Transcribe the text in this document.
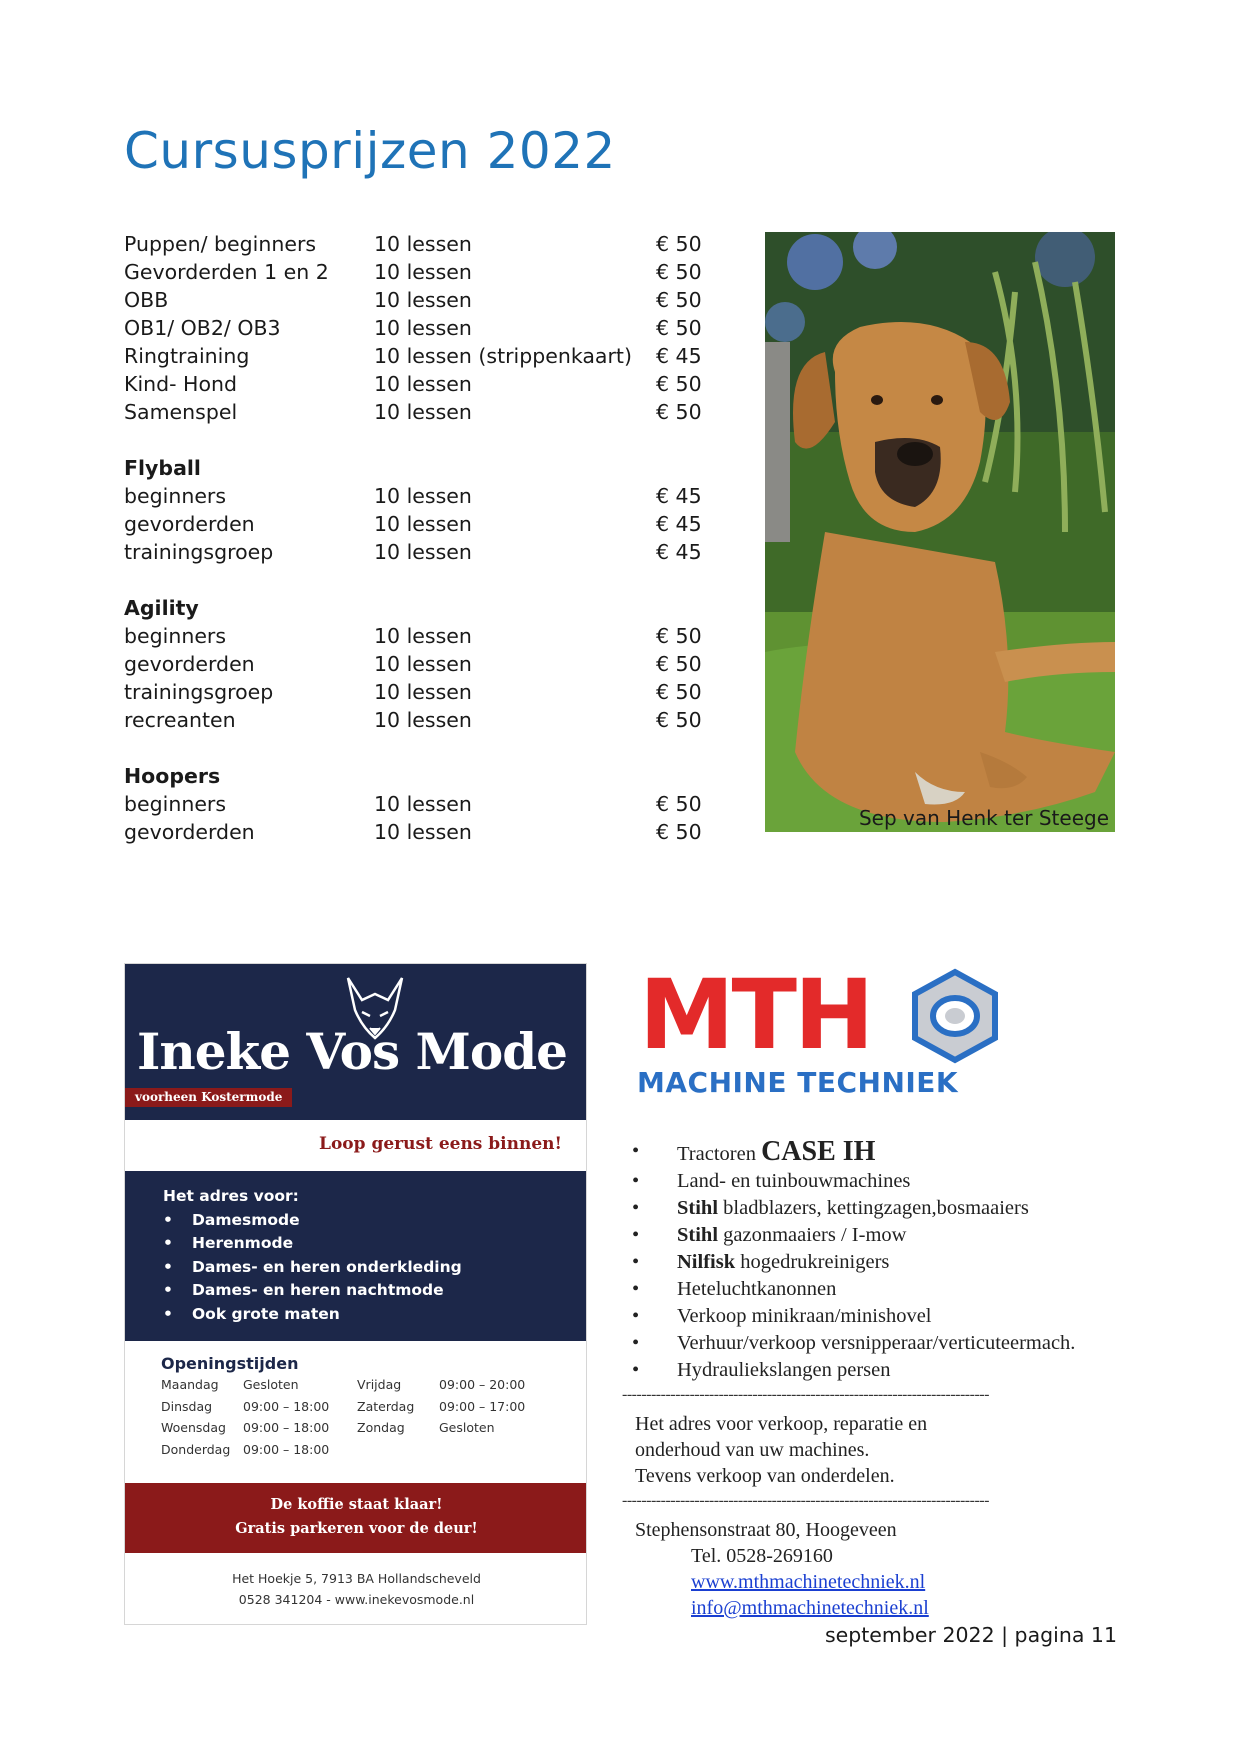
Cursusprijzen 2022
Puppen/ beginners	10 lessen	€ 50
Gevorderden 1 en 2 10 lessen	€ 50
OBB	10 lessen	€ 50
OB1/ OB2/ OB3	10 lessen	€ 50
Ringtraining	10 lessen (strippenkaart) € 45
Kind- Hond	10 lessen	€ 50
Samenspel	10 lessen	€ 50
Flyball
beginners	10 lessen	€ 45
gevorderden	10 lessen	€ 45
trainingsgroep	10 lessen	€ 45
Agility
beginners	10 lessen	€ 50
gevorderden	10 lessen	€ 50
trainingsgroep	10 lessen	€ 50
recreanten	10 lessen	€ 50
Hoopers
beginners	10 lessen	€ 50
gevorderden	10 lessen	€ 50
Sep van Henk ter Steege
Ineke Vos Mode
voorheen Kostermode
Loop gerust eens binnen!
Het adres voor:
• Damesmode
• Herenmode
• Dames- en heren onderkleding
• Dames- en heren nachtmode
• Ook grote maten
Openingstijden
Maandag Gesloten	Vrijdag	09:00 – 20:00
Dinsdag 09:00 – 18:00 Zaterdag 09:00 – 17:00
Woensdag 09:00 – 18:00 Zondag	Gesloten
Donderdag 09:00 – 18:00
De koffie staat klaar!
Gratis parkeren voor de deur!
Het Hoekje 5, 7913 BA Hollandscheveld
0528 341204 - www.inekevosmode.nl
MTH
MACHINE TECHNIEK
• Tractoren CASE IH
• Land- en tuinbouwmachines
• Stihl bladblazers, kettingzagen,bosmaaiers
• Stihl gazonmaaiers / I-mow
• Nilfisk hogedrukreinigers
• Heteluchtkanonnen
• Verkoop minikraan/minishovel
• Verhuur/verkoop versnipperaar/verticuteermach.
• Hydrauliekslangen persen
----------------------------------------------------------------------------
Het adres voor verkoop, reparatie en
onderhoud van uw machines.
Tevens verkoop van onderdelen.
----------------------------------------------------------------------------
Stephensonstraat 80, Hoogeveen
Tel. 0528-269160
www.mthmachinetechniek.nl
info@mthmachinetechniek.nl
september 2022 | pagina 11
